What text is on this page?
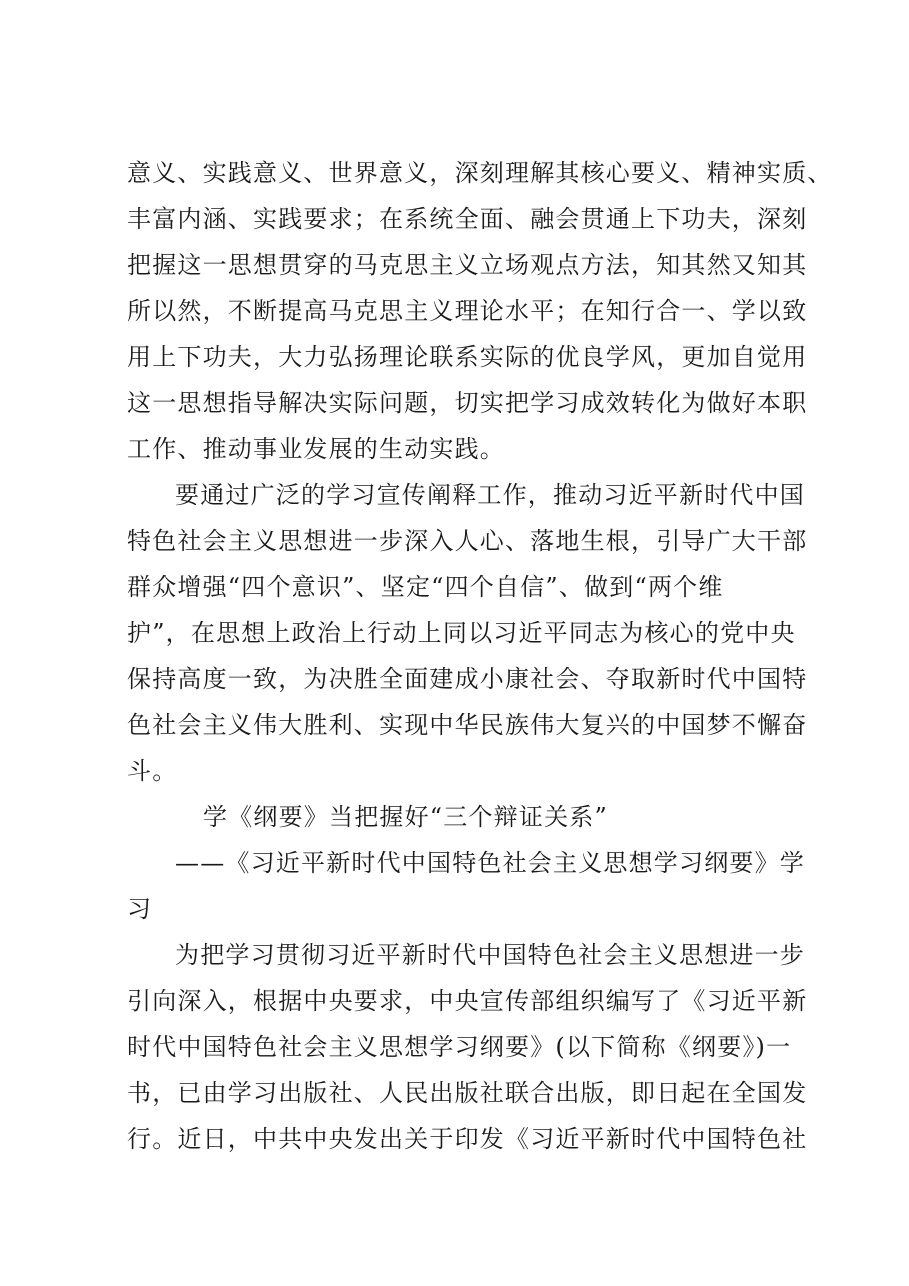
意义、实践意义、世界意义，深刻理解其核心要义、精神实质、
丰富内涵、实践要求；在系统全面、融会贯通上下功夫，深刻
把握这一思想贯穿的马克思主义立场观点方法，知其然又知其
所以然，不断提高马克思主义理论水平；在知行合一、学以致
用上下功夫，大力弘扬理论联系实际的优良学风，更加自觉用
这一思想指导解决实际问题，切实把学习成效转化为做好本职
工作、推动事业发展的生动实践。
要通过广泛的学习宣传阐释工作，推动习近平新时代中国
特色社会主义思想进一步深入人心、落地生根，引导广大干部
群众增强“四个意识”、坚定“四个自信”、做到“两个维
护”，在思想上政治上行动上同以习近平同志为核心的党中央
保持高度一致，为决胜全面建成小康社会、夺取新时代中国特
色社会主义伟大胜利、实现中华民族伟大复兴的中国梦不懈奋
斗。
学《纲要》当把握好“三个辩证关系”
——《习近平新时代中国特色社会主义思想学习纲要》学
习
为把学习贯彻习近平新时代中国特色社会主义思想进一步
引向深入，根据中央要求，中央宣传部组织编写了《习近平新
时代中国特色社会主义思想学习纲要》(以下简称《纲要》)一
书，已由学习出版社、人民出版社联合出版，即日起在全国发
行。近日，中共中央发出关于印发《习近平新时代中国特色社
